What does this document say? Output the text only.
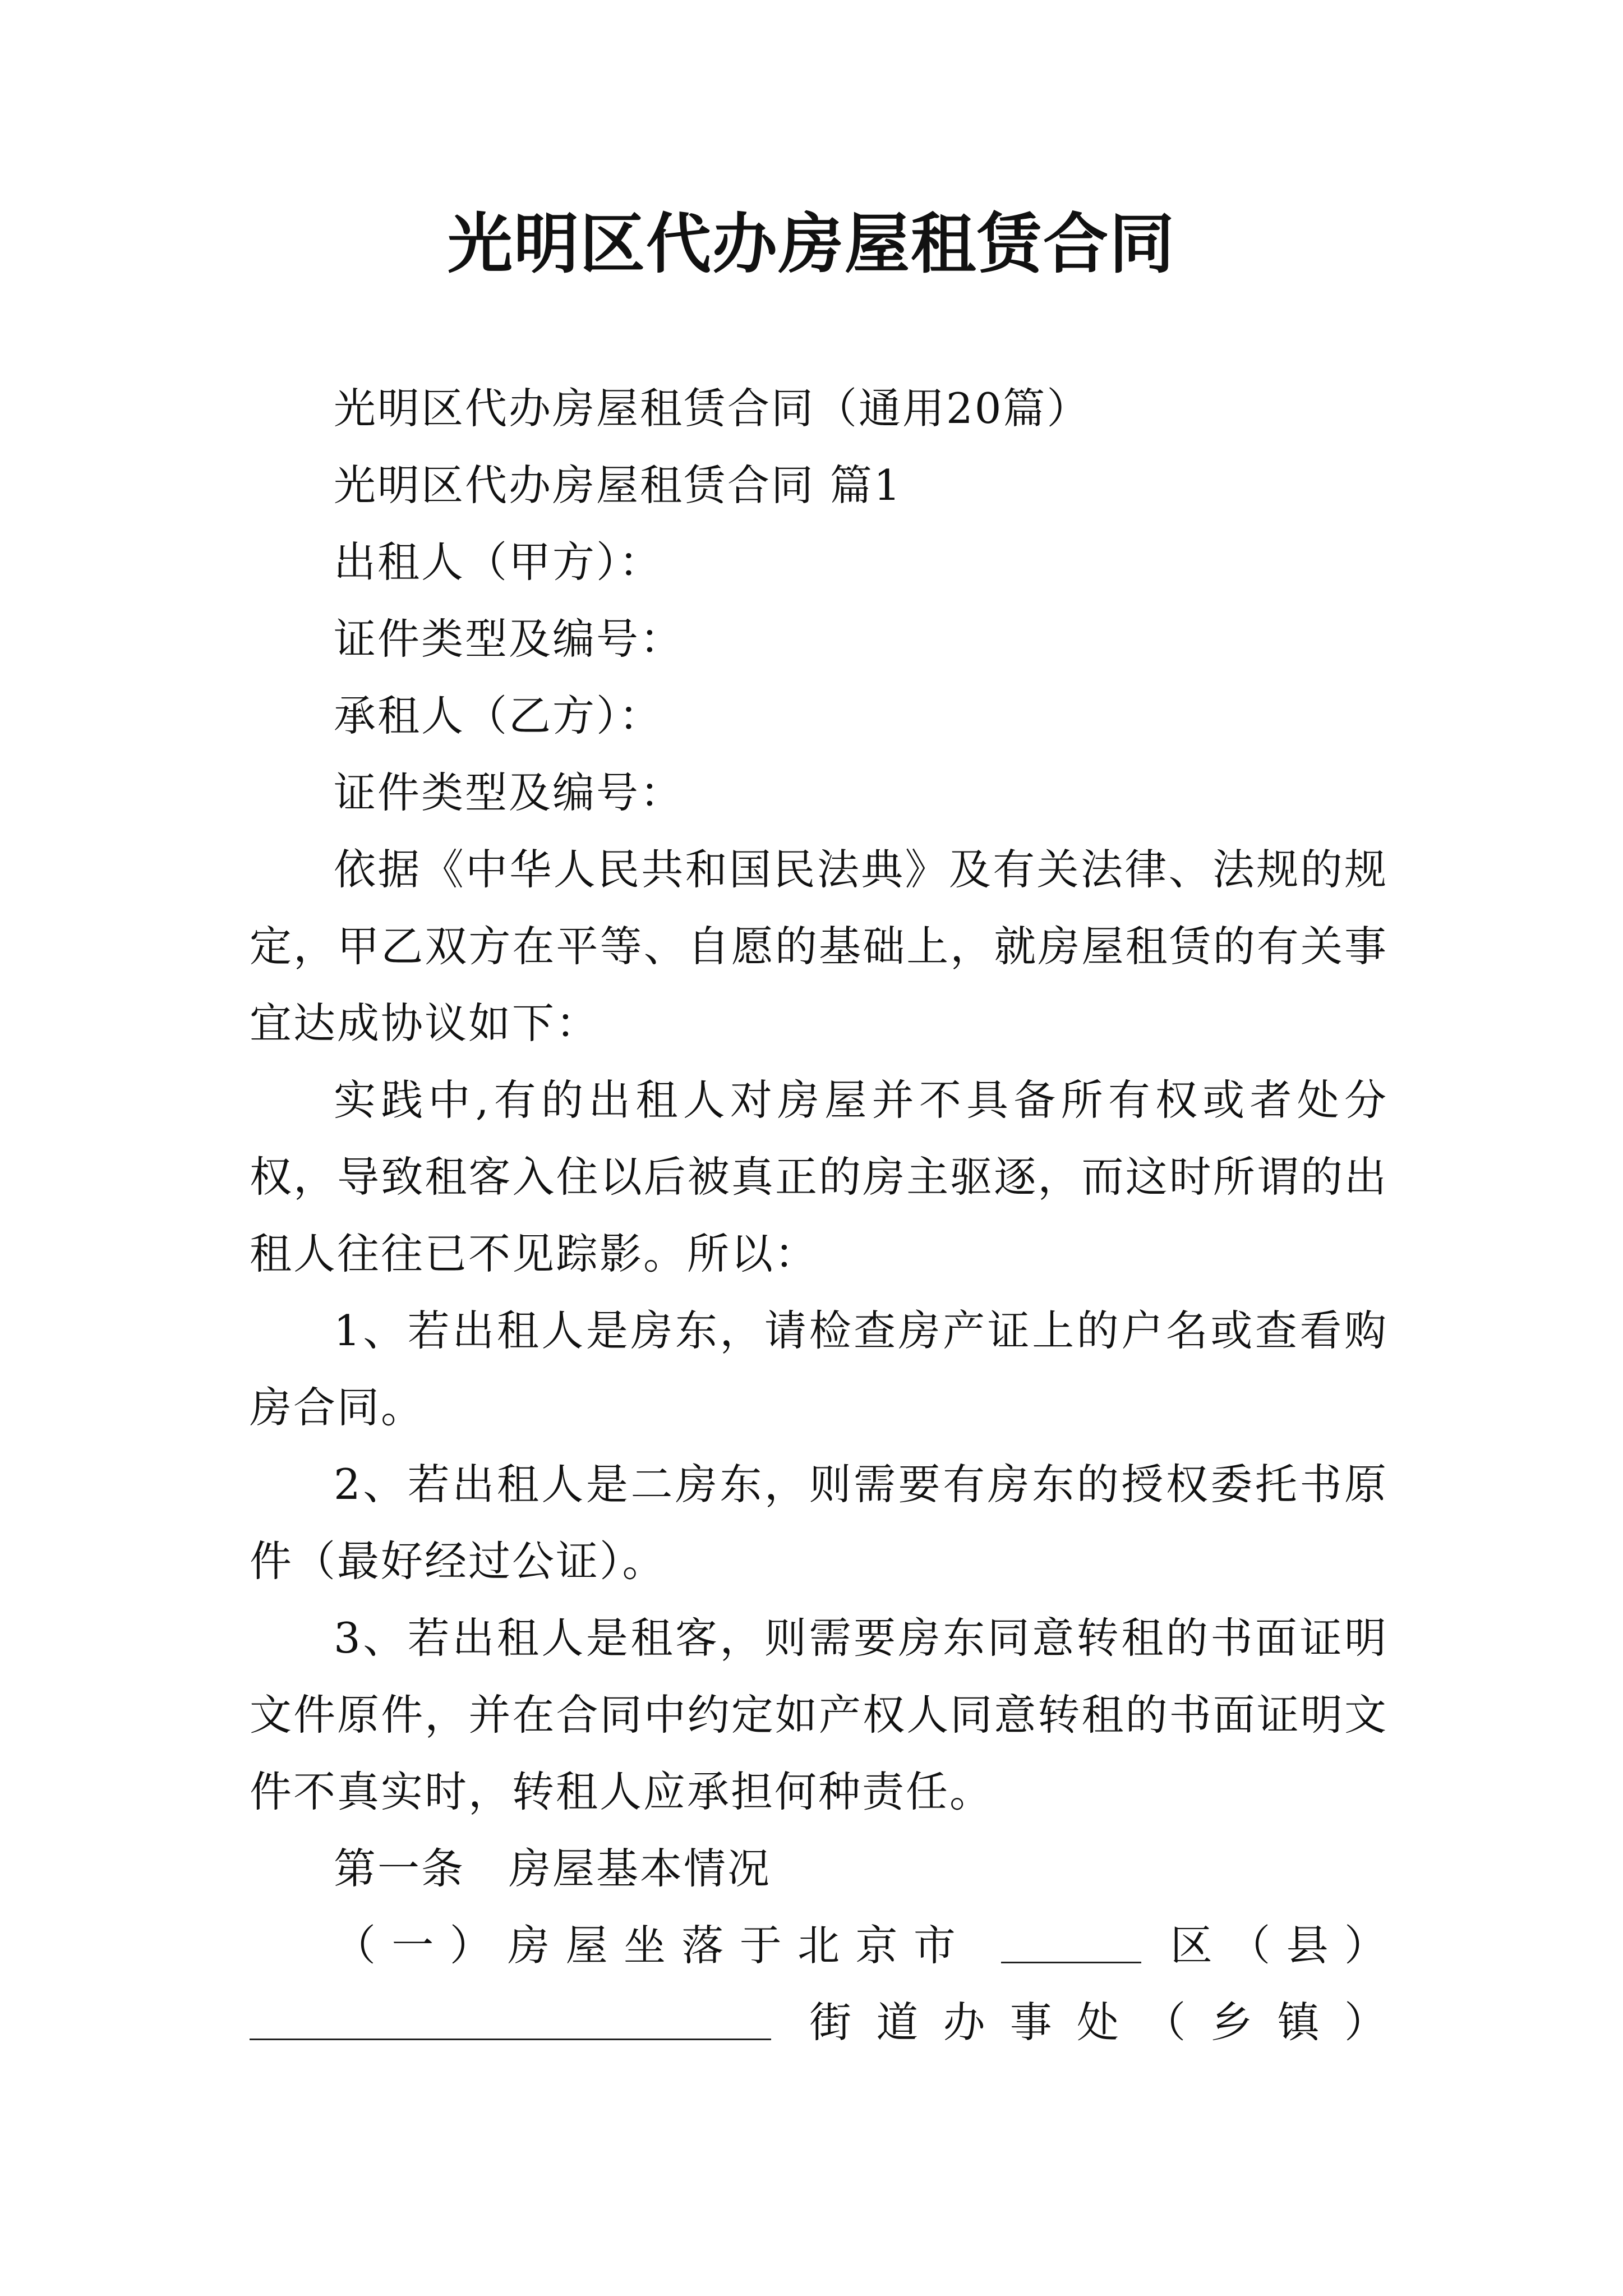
光明区代办房屋租赁合同

光明区代办房屋租赁合同（通用20篇）

光明区代办房屋租赁合同 篇1

出租人（甲方）：

证件类型及编号：

承租人（乙方）：

证件类型及编号：

依据《中华人民共和国民法典》及有关法律、法规的规定，甲乙双方在平等、自愿的基础上，就房屋租赁的有关事宜达成协议如下：

实践中,有的出租人对房屋并不具备所有权或者处分权，导致租客入住以后被真正的房主驱逐，而这时所谓的出租人往往已不见踪影。所以：

1、若出租人是房东，请检查房产证上的户名或查看购房合同。

2、若出租人是二房东，则需要有房东的授权委托书原件（最好经过公证）。

3、若出租人是租客，则需要房东同意转租的书面证明文件原件，并在合同中约定如产权人同意转租的书面证明文件不真实时，转租人应承担何种责任。

第一条　房屋基本情况

（一）房屋坐落于北京市	区（县）

街道办事处（乡镇）
